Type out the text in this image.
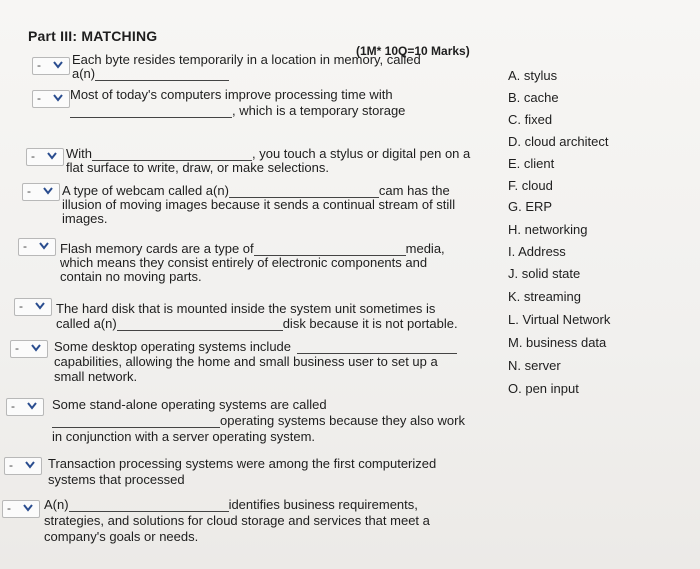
Part III: MATCHING
(1M* 10Q=10 Marks)
- Each byte resides temporarily in a location in memory, called
a(n)
- Most of today's computers improve processing time with
, which is a temporary storage
- With	, you touch a stylus or digital pen on a
flat surface to write, draw, or make selections.
- A type of webcam called a(n)	cam has the
illusion of moving images because it sends a continual stream of still
images.
-	Flash memory cards are a type of	media,
which means they consist entirely of electronic components and
contain no moving parts.
-	The hard disk that is mounted inside the system unit sometimes is
called a(n)	disk because it is not portable.
-	Some desktop operating systems include
capabilities, allowing the home and small business user to set up a
small network.
-	Some stand-alone operating systems are called
operating systems because they also work
in conjunction with a server operating system.
-	Transaction processing systems were among the first computerized
systems that processed
-	A(n)	identifies business requirements,
strategies, and solutions for cloud storage and services that meet a
company's goals or needs.
A. stylus
B. cache
C. fixed
D. cloud architect
E. client
F. cloud
G. ERP
H. networking
I. Address
J. solid state
K. streaming
L. Virtual Network
M. business data
N. server
O. pen input
